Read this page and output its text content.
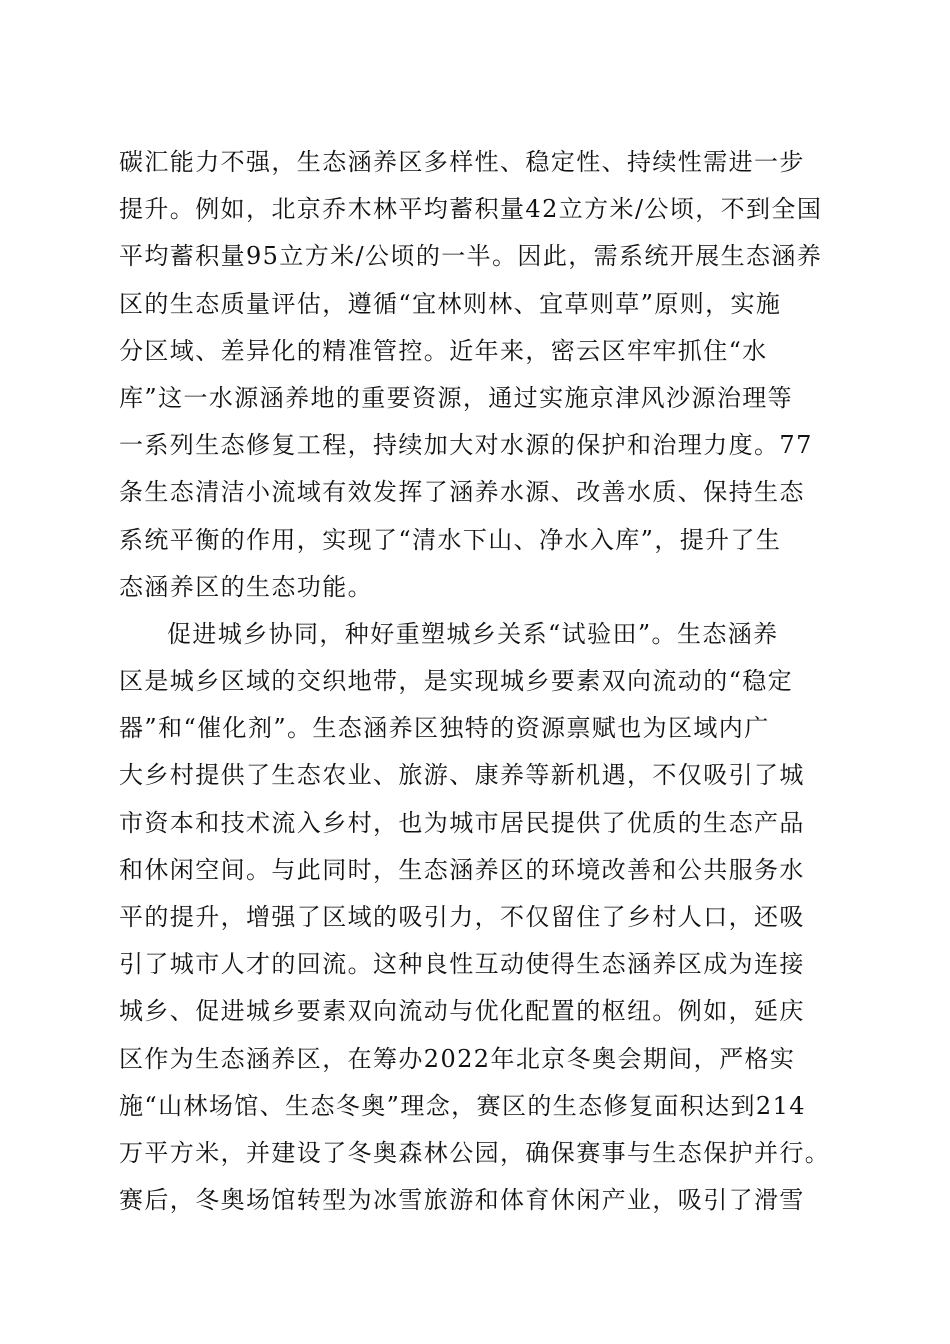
碳汇能力不强，生态涵养区多样性、稳定性、持续性需进一步
提升。例如，北京乔木林平均蓄积量42立方米/公顷，不到全国
平均蓄积量95立方米/公顷的一半。因此，需系统开展生态涵养
区的生态质量评估，遵循“宜林则林、宜草则草”原则，实施
分区域、差异化的精准管控。近年来，密云区牢牢抓住“水
库”这一水源涵养地的重要资源，通过实施京津风沙源治理等
一系列生态修复工程，持续加大对水源的保护和治理力度。77
条生态清洁小流域有效发挥了涵养水源、改善水质、保持生态
系统平衡的作用，实现了“清水下山、净水入库”，提升了生
态涵养区的生态功能。
促进城乡协同，种好重塑城乡关系“试验田”。生态涵养
区是城乡区域的交织地带，是实现城乡要素双向流动的“稳定
器”和“催化剂”。生态涵养区独特的资源禀赋也为区域内广
大乡村提供了生态农业、旅游、康养等新机遇，不仅吸引了城
市资本和技术流入乡村，也为城市居民提供了优质的生态产品
和休闲空间。与此同时，生态涵养区的环境改善和公共服务水
平的提升，增强了区域的吸引力，不仅留住了乡村人口，还吸
引了城市人才的回流。这种良性互动使得生态涵养区成为连接
城乡、促进城乡要素双向流动与优化配置的枢纽。例如，延庆
区作为生态涵养区，在筹办2022年北京冬奥会期间，严格实
施“山林场馆、生态冬奥”理念，赛区的生态修复面积达到214
万平方米，并建设了冬奥森林公园，确保赛事与生态保护并行。
赛后，冬奥场馆转型为冰雪旅游和体育休闲产业，吸引了滑雪
